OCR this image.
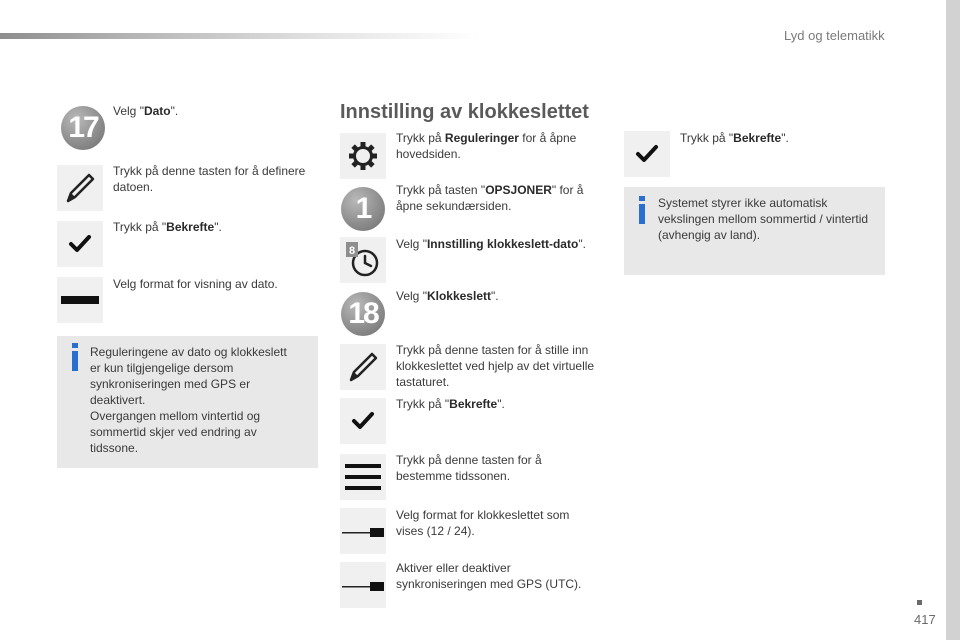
Lyd og telematikk
17	Velg "Dato".
Trykk på denne tasten for å definere datoen.
Trykk på "Bekrefte".
Velg format for visning av dato.
Reguleringene av dato og klokkeslett
er kun tilgjengelige dersom
synkroniseringen med GPS er
deaktivert.
Overgangen mellom vintertid og
sommertid skjer ved endring av
tidssone.
Innstilling av klokkeslettet
Trykk på Reguleringer for å åpne
hovedsiden.
1
Trykk på tasten "OPSJONER" for å
åpne sekundærsiden.
8	Velg "Innstilling klokkeslett-dato".
18
Velg "Klokkeslett".
Trykk på denne tasten for å stille inn
klokkeslettet ved hjelp av det virtuelle
tastaturet.
Trykk på "Bekrefte".
Trykk på denne tasten for å
bestemme tidssonen.
Velg format for klokkeslettet som
vises (12 / 24).
Aktiver eller deaktiver
synkroniseringen med GPS (UTC).
Trykk på "Bekrefte".
Systemet styrer ikke automatisk
vekslingen mellom sommertid / vintertid
(avhengig av land).
417
